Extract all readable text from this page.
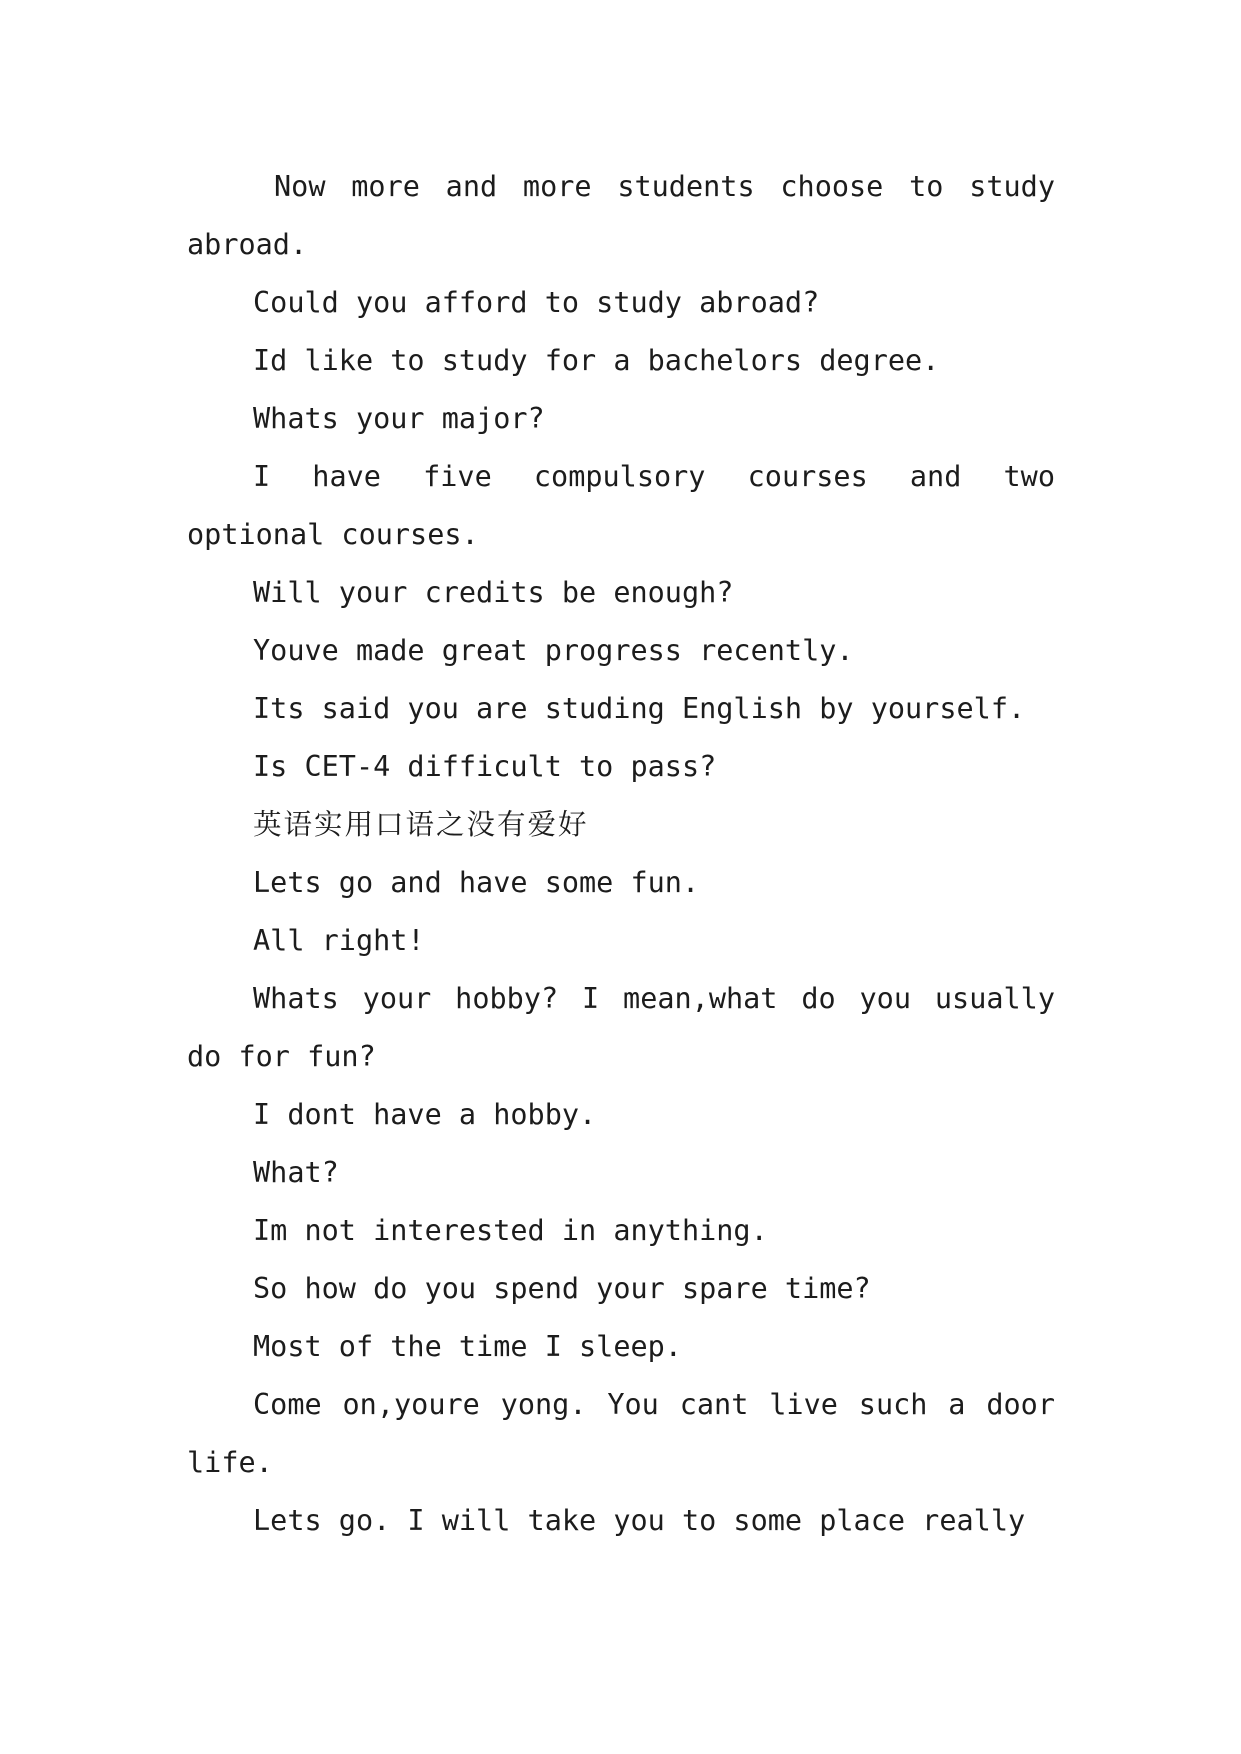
Now more and more students choose to study abroad.

Could you afford to study abroad?

Id like to study for a bachelors degree.

Whats your major?

I have five compulsory courses and two optional courses.

Will your credits be enough?

Youve made great progress recently.

Its said you are studing English by yourself.

Is CET-4 difficult to pass?

英语实用口语之没有爱好

Lets go and have some fun.

All right!

Whats your hobby? I mean,what do you usually do for fun?

I dont have a hobby.

What?

Im not interested in anything.

So how do you spend your spare time?

Most of the time I sleep.

Come on,youre yong. You cant live such a door life.

Lets go. I will take you to some place really
